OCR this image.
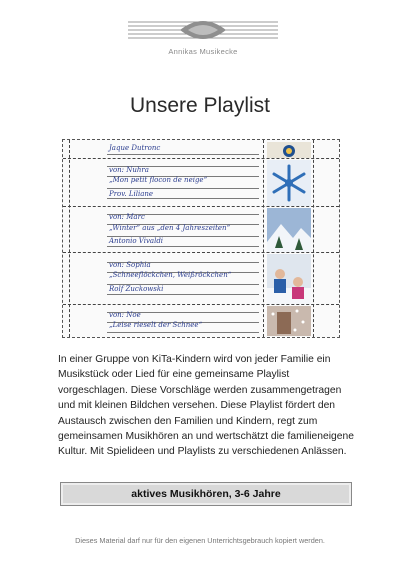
Annikas Musikecke
Unsere Playlist
Jaque Dutronc
von: Nuhra
„Mon petit flocon de neige“
Prov. Liliane
von: Marc
„Winter“ aus „den 4 Jahreszeiten“
Antonio Vivaldi
von: Sophia
„Schneeflöckchen, Weißröckchen“
Rolf Zuckowski
von: Noe
„Leise rieselt der Schnee“
In einer Gruppe von KiTa-Kindern wird von jeder Familie ein Musikstück oder Lied für eine gemeinsame Playlist vorgeschlagen. Diese Vorschläge werden zusammengetragen und mit kleinen Bildchen versehen. Diese Playlist fördert den Austausch zwischen den Familien und Kindern, regt zum gemeinsamen Musikhören an und wertschätzt die familieneigene Kultur. Mit Spielideen und Playlists zu verschiedenen Anlässen.
aktives Musikhören, 3-6 Jahre
Dieses Material darf nur für den eigenen Unterrichtsgebrauch kopiert werden.
